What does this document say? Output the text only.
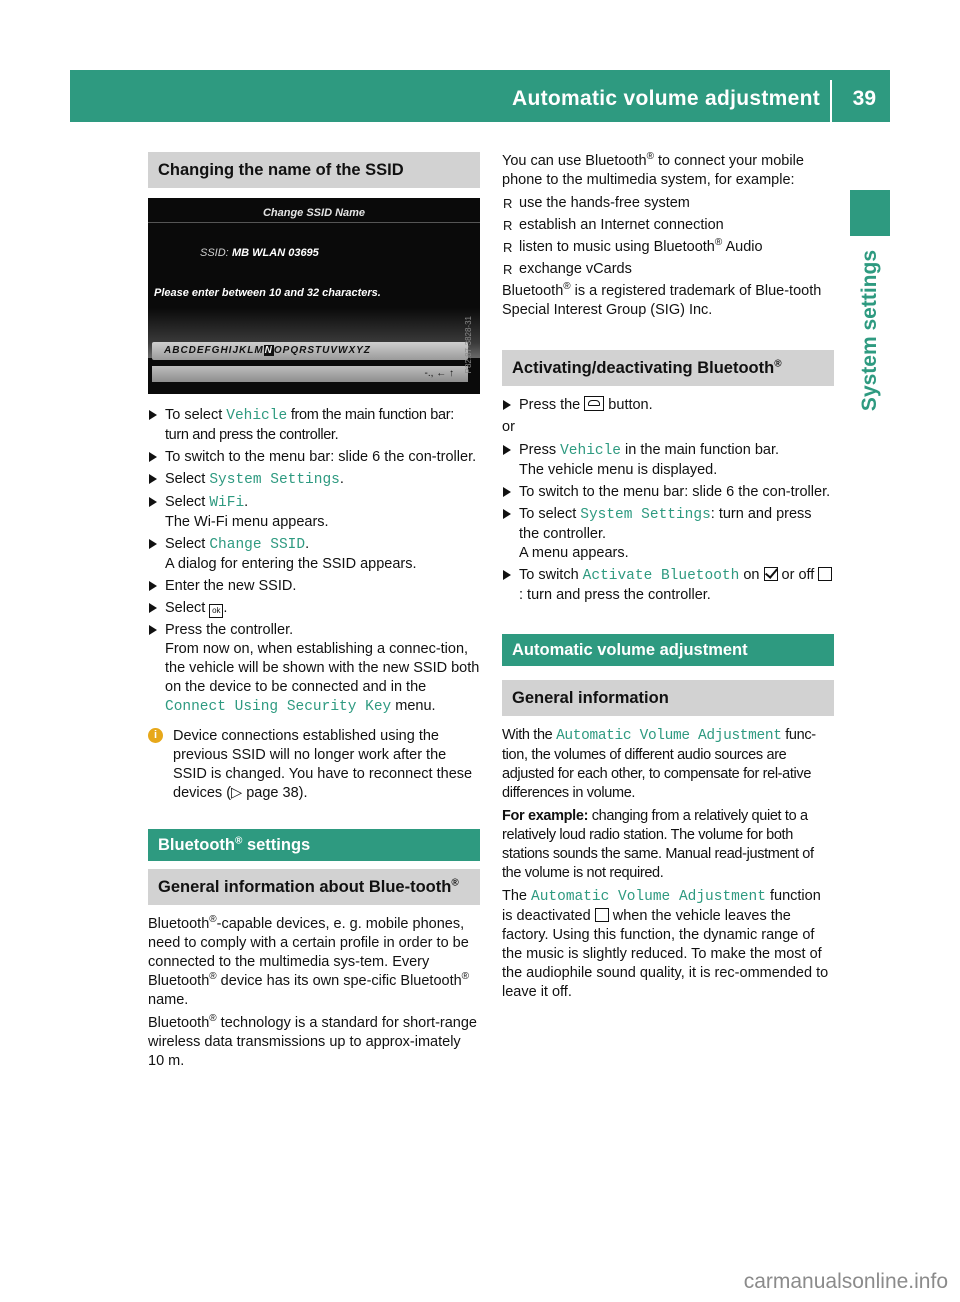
Automatic volume adjustment 39
System settings
Changing the name of the SSID
Change SSID Name
SSID: MB WLAN 03695
Please enter between 10 and 32 characters.
ABCDEFGHIJKLMNOPQRSTUVWXYZ
-., ← ↑
P82.87-3828-31
To select Vehicle from the main function bar: turn and press the controller.
To switch to the menu bar: slide 6 the con-troller.
Select System Settings.
Select WiFi.
The Wi-Fi menu appears.
Select Change SSID.
A dialog for entering the SSID appears.
Enter the new SSID.
Select ok .
Press the controller.
From now on, when establishing a connec-tion, the vehicle will be shown with the new SSID both on the device to be connected and in the Connect Using Security Key menu.
i	Device connections established using the previous SSID will no longer work after the SSID is changed. You have to reconnect these devices (▷ page 38).
Bluetooth® settings
General information about Blue-tooth®
Bluetooth®-capable devices, e. g. mobile phones, need to comply with a certain profile in order to be connected to the multimedia sys-tem. Every Bluetooth® device has its own spe-cific Bluetooth® name.
Bluetooth® technology is a standard for short-range wireless data transmissions up to approx-imately 10 m.
You can use Bluetooth® to connect your mobile phone to the multimedia system, for example:
R use the hands-free system
R establish an Internet connection
R listen to music using Bluetooth® Audio
R exchange vCards
Bluetooth® is a registered trademark of Blue-tooth Special Interest Group (SIG) Inc.
Activating/deactivating Bluetooth®
Press the  button.
or
Press Vehicle in the main function bar.
The vehicle menu is displayed.
To switch to the menu bar: slide 6 the con-troller.
To select System Settings: turn and press the controller.
A menu appears.
To switch Activate Bluetooth on  or off : turn and press the controller.
Automatic volume adjustment
General information
With the Automatic Volume Adjustment func-tion, the volumes of different audio sources are adjusted for each other, to compensate for rel-ative differences in volume.
For example: changing from a relatively quiet to a relatively loud radio station. The volume for both stations sounds the same. Manual read-justment of the volume is not required.
The Automatic Volume Adjustment function is deactivated  when the vehicle leaves the factory. Using this function, the dynamic range of the music is slightly reduced. To make the most of the audiophile sound quality, it is rec-ommended to leave it off.
carmanualsonline.info
